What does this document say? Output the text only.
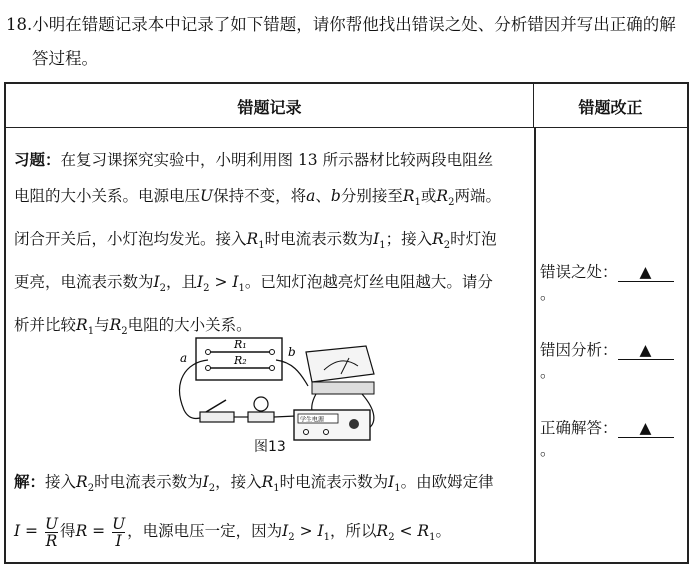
18.小明在错题记录本中记录了如下错题，请你帮他找出错误之处、分析错因并写出正确的解
答过程。
错题记录	错题改正
习题：在复习课探究实验中，小明利用图 13 所示器材比较两段电阻丝
电阻的大小关系。电源电压U保持不变，将a、b分别接至$R_1$或$R_2$两端。
闭合开关后，小灯泡均发光。接入$R_1$时电流表示数为$I_1$；接入$R_2$时灯泡
更亮，电流表示数为$I_2$，且$I_2 > I_1$。已知灯泡越亮灯丝电阻越大。请分
析并比较$R_1$与$R_2$电阻的大小关系。
R₁
R₂
a	b
学生电源
图13
解：接入$R_2$时电流表示数为$I_2$，接入$R_1$时电流表示数为$I_1$。由欧姆定律
$I = \frac{U}{R}$ 得$R = \frac{U}{I}$ ，电源电压一定，因为$I_2 > I_1$，所以$R_2 < R_1$。
错误之处： ▲。
错因分析： ▲。
正确解答： ▲。
